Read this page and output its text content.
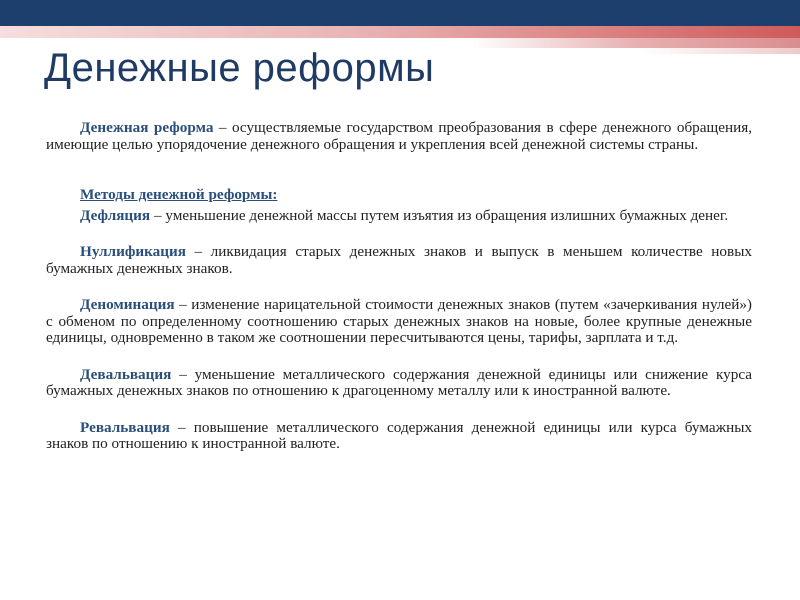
Денежные реформы

Денежная реформа – осуществляемые государством преобразования в сфере денежного обращения, имеющие целью упорядочение денежного обращения и укрепления всей денежной системы страны.

Методы денежной реформы:

Дефляция – уменьшение денежной массы путем изъятия из обращения излишних бумажных денег.

Нуллификация – ликвидация старых денежных знаков и выпуск в меньшем количестве новых бумажных денежных знаков.

Деноминация – изменение нарицательной стоимости денежных знаков (путем «зачеркивания нулей») с обменом по определенному соотношению старых денежных знаков на новые, более крупные денежные единицы, одновременно в таком же соотношении пересчитываются цены, тарифы, зарплата и т.д.

Девальвация – уменьшение металлического содержания денежной единицы или снижение курса бумажных денежных знаков по отношению к драгоценному металлу или к иностранной валюте.

Ревальвация – повышение металлического содержания денежной единицы или курса бумажных знаков по отношению к иностранной валюте.
